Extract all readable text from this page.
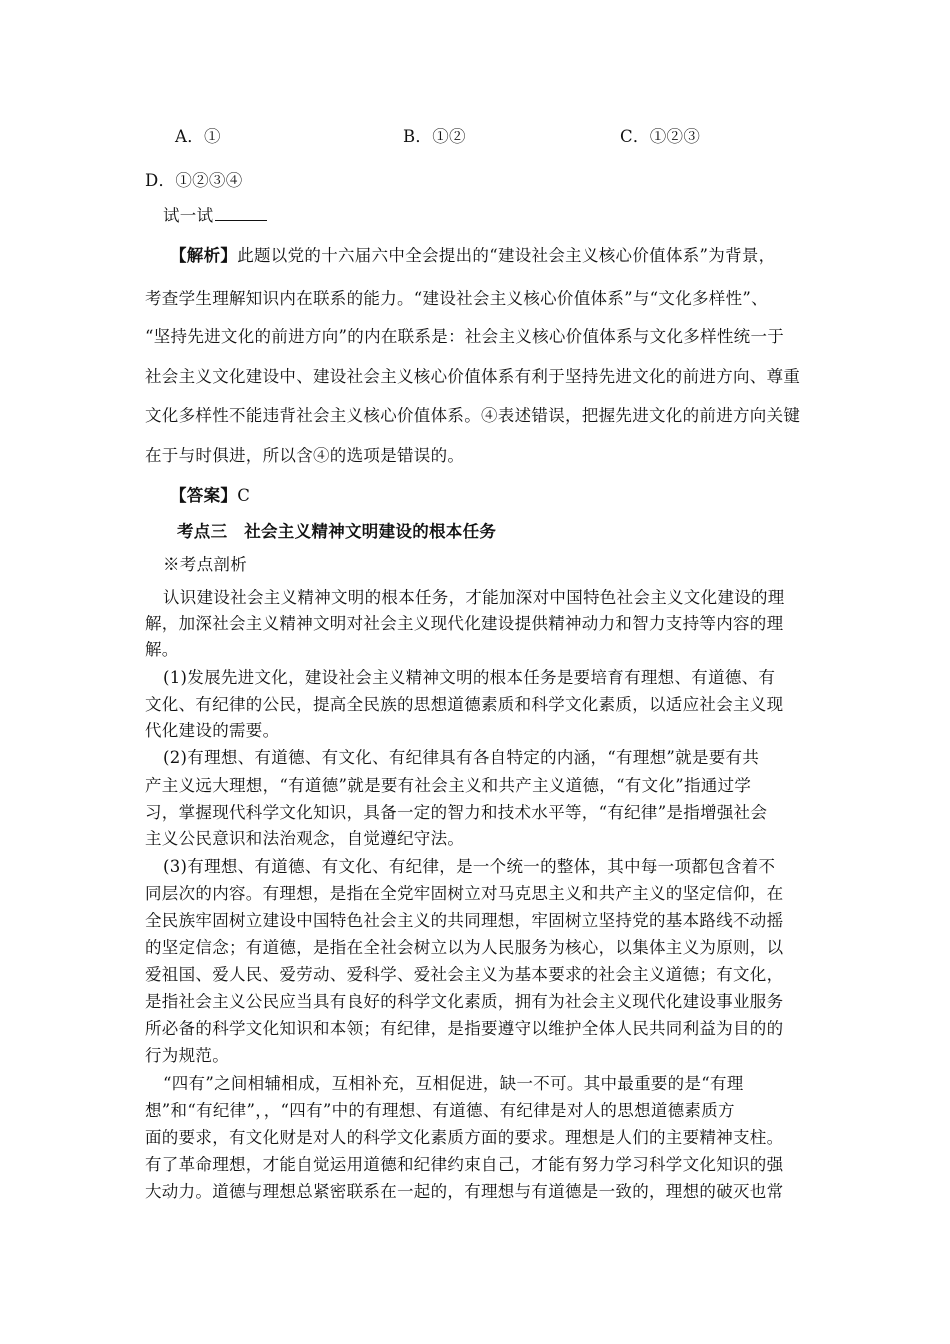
A．①	B．①②	C．①②③
D．①②③④
试一试
【解析】此题以党的十六届六中全会提出的“建设社会主义核心价值体系”为背景，
考查学生理解知识内在联系的能力。“建设社会主义核心价值体系”与“文化多样性”、
“坚持先进文化的前进方向”的内在联系是：社会主义核心价值体系与文化多样性统一于
社会主义文化建设中、建设社会主义核心价值体系有利于坚持先进文化的前进方向、尊重
文化多样性不能违背社会主义核心价值体系。④表述错误，把握先进文化的前进方向关键
在于与时俱进，所以含④的选项是错误的。
【答案】C
考点三　社会主义精神文明建设的根本任务
※考点剖析
认识建设社会主义精神文明的根本任务，才能加深对中国特色社会主义文化建设的理
解，加深社会主义精神文明对社会主义现代化建设提供精神动力和智力支持等内容的理
解。
(1)发展先进文化，建设社会主义精神文明的根本任务是要培育有理想、有道德、有
文化、有纪律的公民，提高全民族的思想道德素质和科学文化素质，以适应社会主义现
代化建设的需要。
(2)有理想、有道德、有文化、有纪律具有各自特定的内涵，“有理想”就是要有共
产主义远大理想，“有道德”就是要有社会主义和共产主义道德，“有文化”指通过学
习，掌握现代科学文化知识，具备一定的智力和技术水平等，“有纪律”是指增强社会
主义公民意识和法治观念，自觉遵纪守法。
(3)有理想、有道德、有文化、有纪律，是一个统一的整体，其中每一项都包含着不
同层次的内容。有理想，是指在全党牢固树立对马克思主义和共产主义的坚定信仰，在
全民族牢固树立建设中国特色社会主义的共同理想，牢固树立坚持党的基本路线不动摇
的坚定信念；有道德，是指在全社会树立以为人民服务为核心，以集体主义为原则，以
爱祖国、爱人民、爱劳动、爱科学、爱社会主义为基本要求的社会主义道德；有文化，
是指社会主义公民应当具有良好的科学文化素质，拥有为社会主义现代化建设事业服务
所必备的科学文化知识和本领；有纪律，是指要遵守以维护全体人民共同利益为目的的
行为规范。
“四有”之间相辅相成，互相补充，互相促进，缺一不可。其中最重要的是“有理
想”和“有纪律”，，“四有”中的有理想、有道德、有纪律是对人的思想道德素质方
面的要求，有文化财是对人的科学文化素质方面的要求。理想是人们的主要精神支柱。
有了革命理想，才能自觉运用道德和纪律约束自己，才能有努力学习科学文化知识的强
大动力。道德与理想总紧密联系在一起的，有理想与有道德是一致的，理想的破灭也常
